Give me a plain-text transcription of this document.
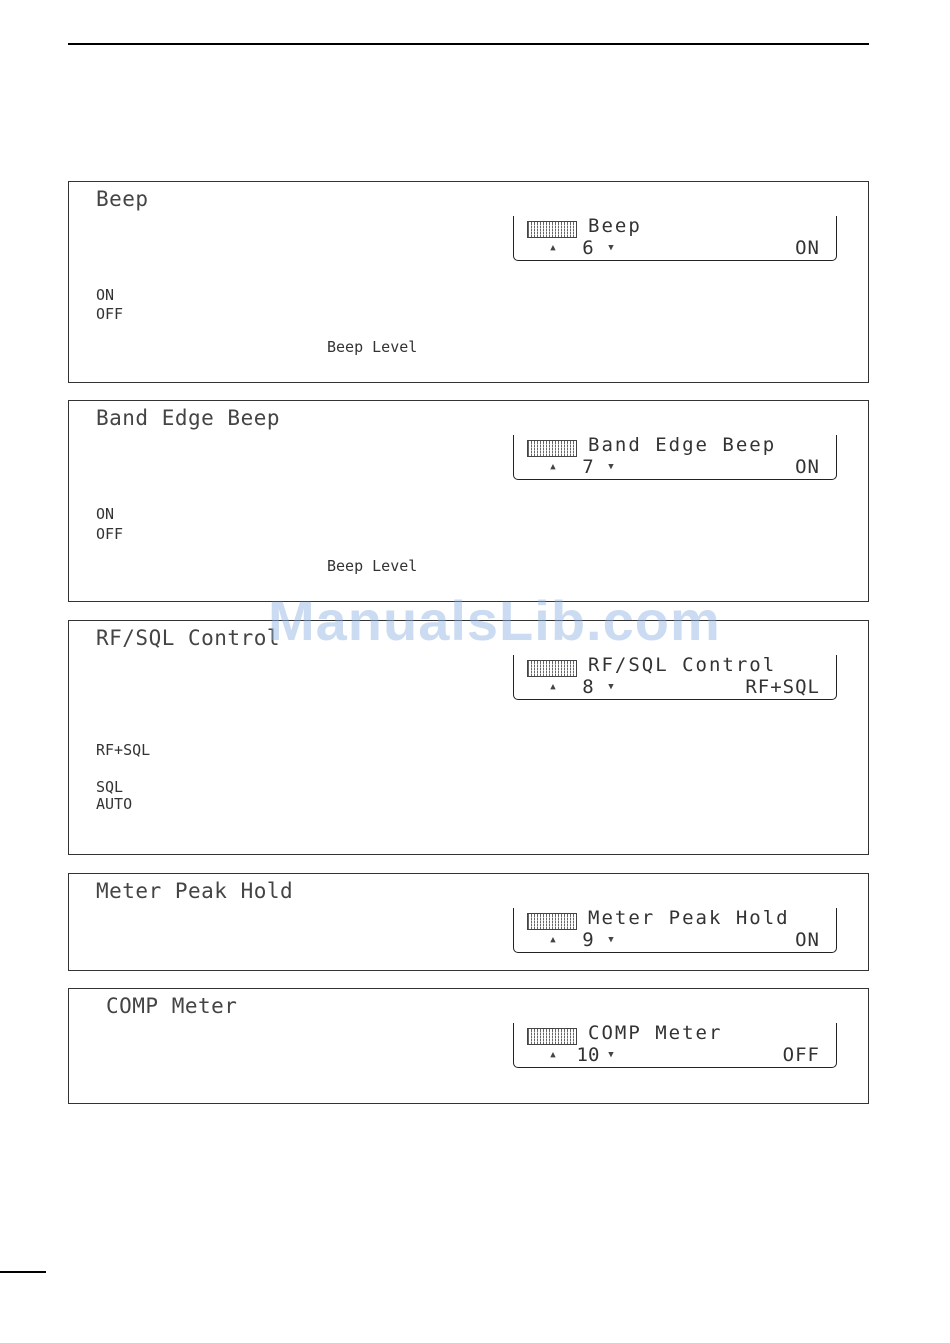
Beep
Beep
▲	6	▼	ON
ON
OFF
Beep Level
Band Edge Beep
Band Edge Beep
▲	7	▼	ON
ON
OFF
Beep Level
RF/SQL Control
RF/SQL Control
▲	8	▼	RF+SQL
RF+SQL
SQL
AUTO
Meter Peak Hold
Meter Peak Hold
▲	9	▼	ON
COMP Meter
COMP Meter
▲ 10 ▼	OFF
ManualsLib.com
